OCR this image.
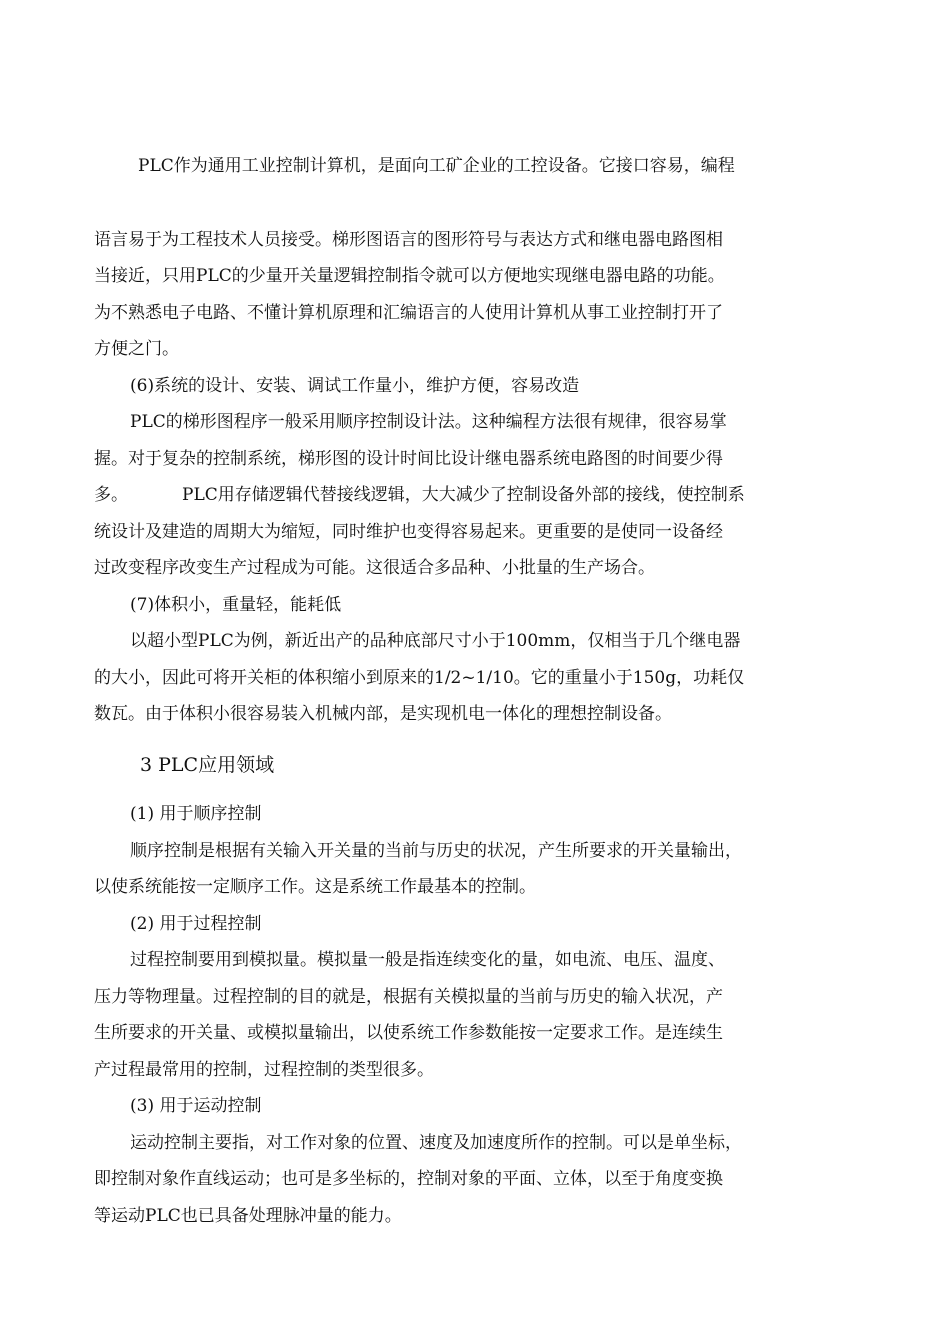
PLC作为通用工业控制计算机，是面向工矿企业的工控设备。它接口容易，编程
语言易于为工程技术人员接受。梯形图语言的图形符号与表达方式和继电器电路图相
当接近，只用PLC的少量开关量逻辑控制指令就可以方便地实现继电器电路的功能。
为不熟悉电子电路、不懂计算机原理和汇编语言的人使用计算机从事工业控制打开了
方便之门。
(6)系统的设计、安装、调试工作量小，维护方便，容易改造
PLC的梯形图程序一般采用顺序控制设计法。这种编程方法很有规律，很容易掌
握。对于复杂的控制系统，梯形图的设计时间比设计继电器系统电路图的时间要少得
多。	PLC用存储逻辑代替接线逻辑，大大减少了控制设备外部的接线，使控制系
统设计及建造的周期大为缩短，同时维护也变得容易起来。更重要的是使同一设备经
过改变程序改变生产过程成为可能。这很适合多品种、小批量的生产场合。
(7)体积小，重量轻，能耗低
以超小型PLC为例，新近出产的品种底部尺寸小于100mm，仅相当于几个继电器
的大小，因此可将开关柜的体积缩小到原来的1/2~1/10。它的重量小于150g，功耗仅
数瓦。由于体积小很容易装入机械内部，是实现机电一体化的理想控制设备。
3 PLC应用领域
(1) 用于顺序控制
顺序控制是根据有关输入开关量的当前与历史的状况，产生所要求的开关量输出，
以使系统能按一定顺序工作。这是系统工作最基本的控制。
(2) 用于过程控制
过程控制要用到模拟量。模拟量一般是指连续变化的量，如电流、电压、温度、
压力等物理量。过程控制的目的就是，根据有关模拟量的当前与历史的输入状况，产
生所要求的开关量、或模拟量输出，以使系统工作参数能按一定要求工作。是连续生
产过程最常用的控制，过程控制的类型很多。
(3) 用于运动控制
运动控制主要指，对工作对象的位置、速度及加速度所作的控制。可以是单坐标，
即控制对象作直线运动；也可是多坐标的，控制对象的平面、立体，以至于角度变换
等运动PLC也已具备处理脉冲量的能力。
